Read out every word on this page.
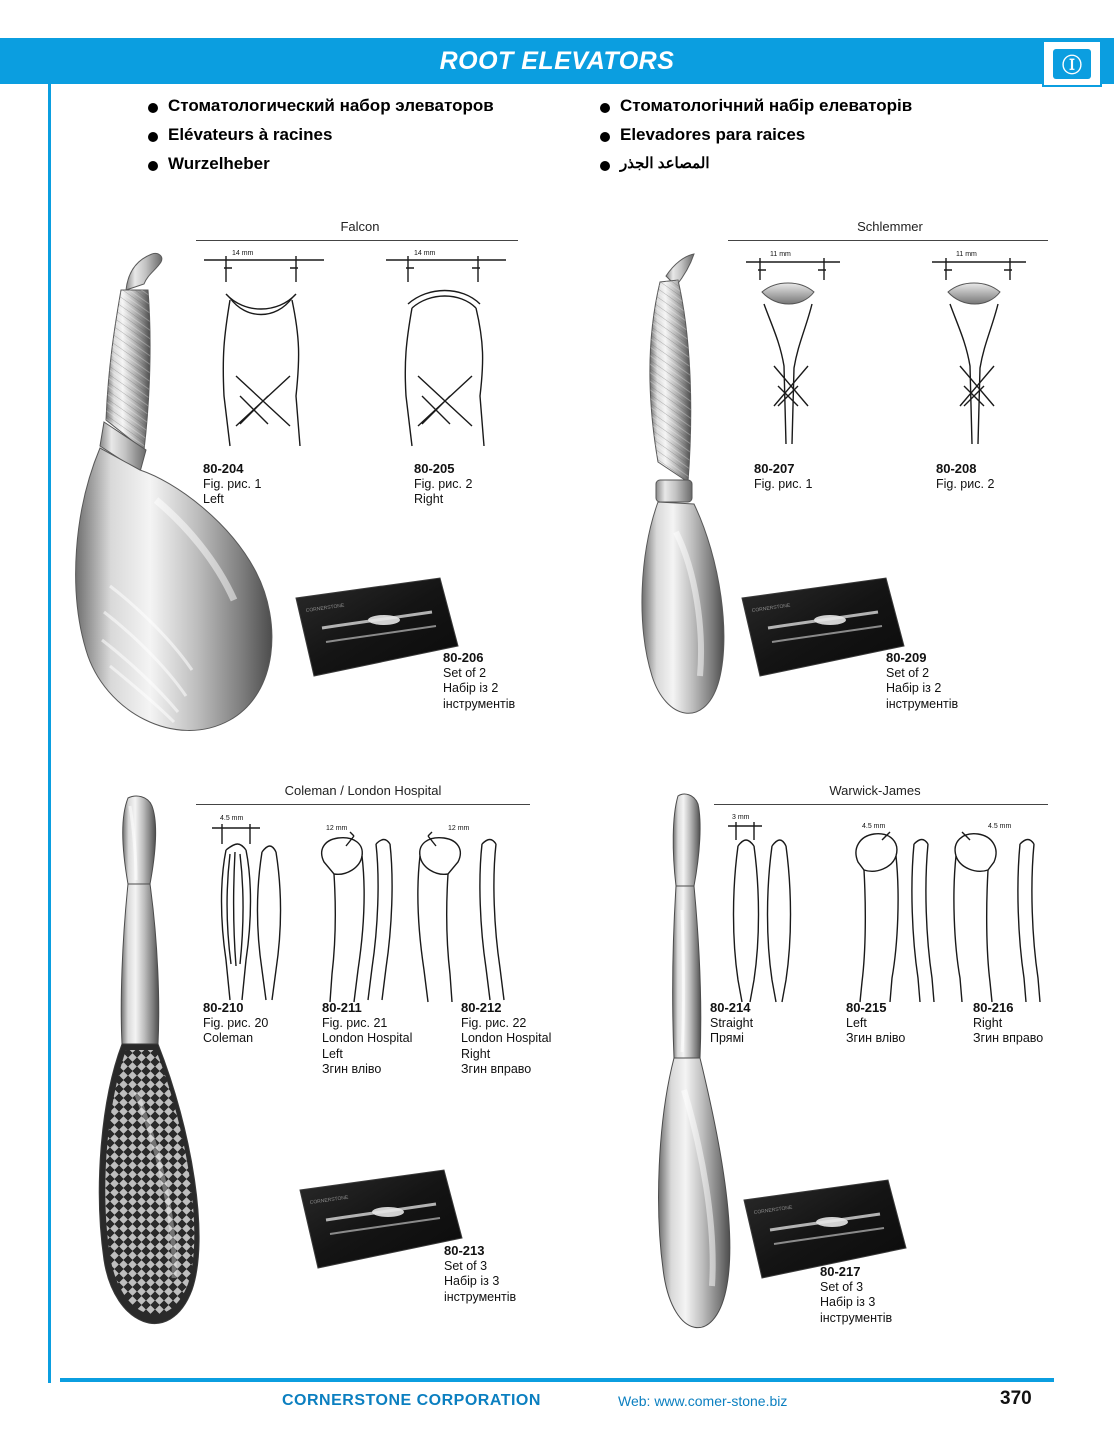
ROOT ELEVATORS	Ⓘ
Стоматологический набор элеваторов
Elévateurs à racines
Wurzelheber
Стоматологічний набір елеваторів
Elevadores para raices
المصاعد الجذر
Falcon	Schlemmer
Coleman / London Hospital	Warwick-James
14 mm	14 mm
80-204
Fig. рис. 1
Left
80-205
Fig. рис. 2
Right
CORNERSTONE
80-206
Set of 2
Набір iз 2
інструментів
11 mm	11 mm
80-207
Fig. рис. 1
80-208
Fig. рис. 2
CORNERSTONE
80-209
Set of 2
Набір iз 2
інструментів
4.5 mm
12 mm	12 mm
80-210
Fig. рис. 20
Coleman
80-211
Fig. рис. 21
London Hospital
Left
Згин вліво
80-212
Fig. рис. 22
London Hospital
Right
Згин вправо
CORNERSTONE
80-213
Set of 3
Набір iз 3
інструментів
3 mm
4.5 mm	4.5 mm
80-214
Straight
Прямі
80-215
Left
Згин вліво
80-216
Right
Згин вправо
CORNERSTONE
80-217
Set of 3
Набір iз 3
інструментів
CORNERSTONE CORPORATION	Web: www.comer-stone.biz	370
